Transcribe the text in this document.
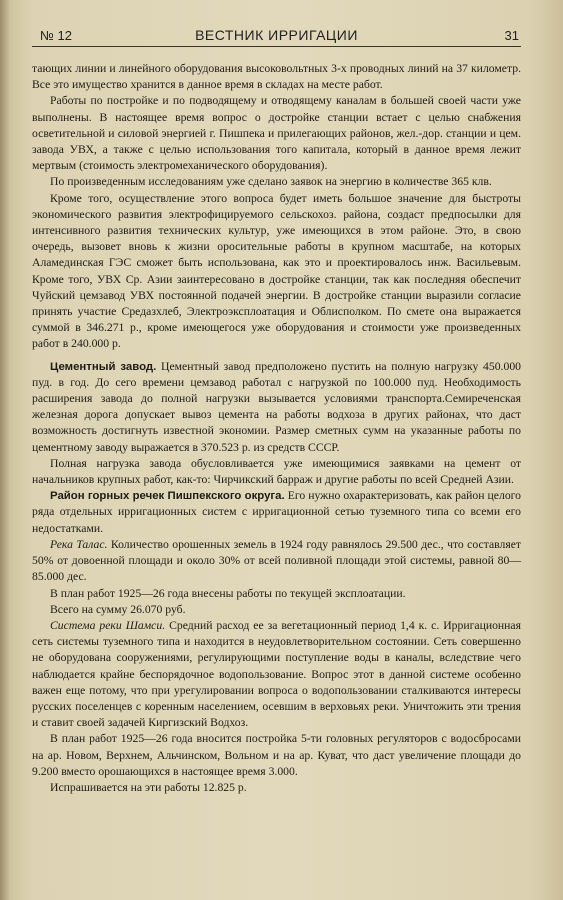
№ 12	ВЕСТНИК ИРРИГАЦИИ	31

тающих линии и линейного оборудования высоковольтных 3-х проводных линий на 37 километр. Все это имущество хранится в данное время в складах на месте работ.

Работы по постройке и по подводящему и отводящему каналам в большей своей части уже выполнены. В настоящее время вопрос о достройке станции встает с целью снабжения осветительной и силовой энергией г. Пишпека и прилегающих районов, жел.-дор. станции и цем. завода УВХ, а также с целью использования того капитала, который в данное время лежит мертвым (стоимость электромеханического оборудования).

По произведенным исследованиям уже сделано заявок на энергию в количестве 365 клв.

Кроме того, осуществление этого вопроса будет иметь большое значение для быстроты экономического развития электрофицируемого сельскохоз. района, создаст предпосылки для интенсивного развития технических культур, уже имеющихся в этом районе. Это, в свою очередь, вызовет вновь к жизни оросительные работы в крупном масштабе, на которых Аламединская ГЭС сможет быть использована, как это и проектировалось инж. Васильевым. Кроме того, УВХ Ср. Азии заинтересовано в достройке станции, так как последняя обеспечит Чуйский цемзавод УВХ постоянной подачей энергии. В достройке станции выразили согласие принять участие Средазхлеб, Электроэксплоатация и Облисполком. По смете она выражается суммой в 346.271 р., кроме имеющегося уже оборудования и стоимости уже произведенных работ в 240.000 р.

Цементный завод. Цементный завод предположено пустить на полную нагрузку 450.000 пуд. в год. До сего времени цемзавод работал с нагрузкой по 100.000 пуд. Необходимость расширения завода до полной нагрузки вызывается условиями транспорта.Семиреченская железная дорога допускает вывоз цемента на работы водхоза в других районах, что даст возможность достигнуть известной экономии. Размер сметных сумм на указанные работы по цементному заводу выражается в 370.523 р. из средств СССР.

Полная нагрузка завода обусловливается уже имеющимися заявками на цемент от начальников крупных работ, как-то: Чирчикский барраж и другие работы по всей Средней Азии.

Район горных речек Пишпекского округа. Его нужно охарактеризовать, как район целого ряда отдельных ирригационных систем с ирригационной сетью туземного типа со всеми его недостатками.

Река Талас. Количество орошенных земель в 1924 году равнялось 29.500 дес., что составляет 50% от довоенной площади и около 30% от всей поливной площади этой системы, равной 80—85.000 дес.

В план работ 1925—26 года внесены работы по текущей эксплоатации.

Всего на сумму 26.070 руб.

Система реки Шамси. Средний расход ее за вегетационный период 1,4 к. с. Ирригационная сеть системы туземного типа и находится в неудовлетворительном состоянии. Сеть совершенно не оборудована сооружениями, регулирующими поступление воды в каналы, вследствие чего наблюдается крайне беспорядочное водопользование. Вопрос этот в данной системе особенно важен еще потому, что при урегулировании вопроса о водопользовании сталкиваются интересы русских поселенцев с коренным населением, осевшим в верховьях реки. Уничтожить эти трения и ставит своей задачей Киргизский Водхоз.

В план работ 1925—26 года вносится постройка 5-ти головных регуляторов с водосбросами на ар. Новом, Верхнем, Альчинском, Вольном и на ар. Куват, что даст увеличение площади до 9.200 вместо орошающихся в настоящее время 3.000.

Испрашивается на эти работы 12.825 р.
